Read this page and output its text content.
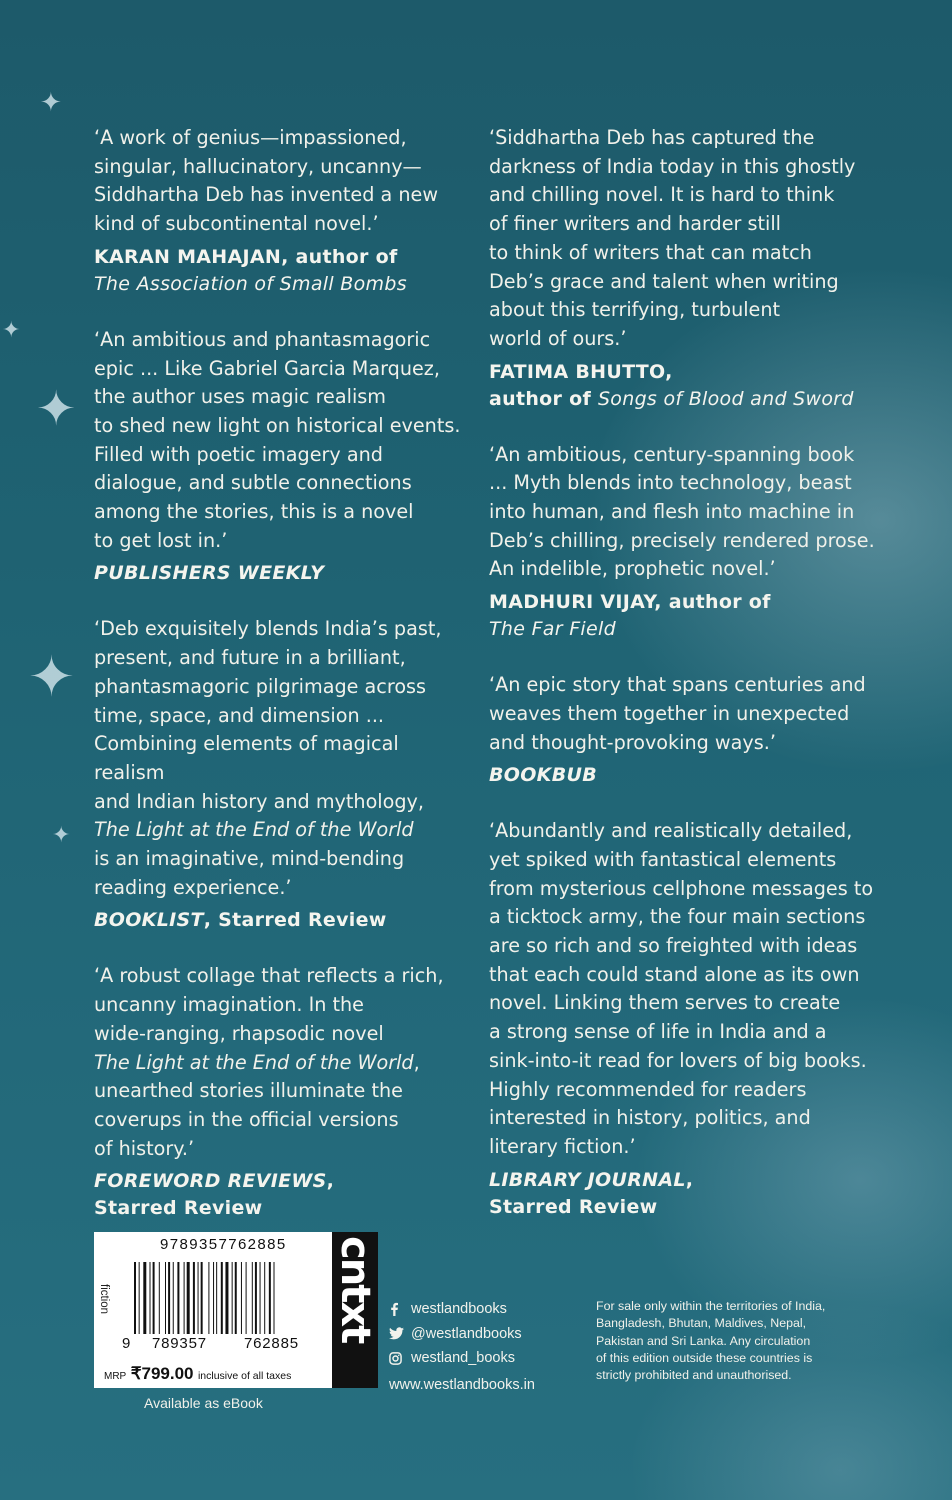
✦
✦
✦
✦
✦

‘A work of genius—impassioned,
singular, hallucinatory, uncanny—
Siddhartha Deb has invented a new
kind of subcontinental novel.’

KARAN MAHAJAN, author of
The Association of Small Bombs

‘An ambitious and phantasmagoric
epic ... Like Gabriel Garcia Marquez,
the author uses magic realism
to shed new light on historical events.
Filled with poetic imagery and
dialogue, and subtle connections
among the stories, this is a novel
to get lost in.’

PUBLISHERS WEEKLY

‘Deb exquisitely blends India’s past,
present, and future in a brilliant,
phantasmagoric pilgrimage across
time, space, and dimension ...
Combining elements of magical realism
and Indian history and mythology,

The Light at the End of the World

is an imaginative, mind-bending
reading experience.’

BOOKLIST, Starred Review

‘A robust collage that reflects a rich,
uncanny imagination. In the
wide-ranging, rhapsodic novel

The Light at the End of the World,

unearthed stories illuminate the
coverups in the official versions
of history.’

FOREWORD REVIEWS,
Starred Review

‘Siddhartha Deb has captured the
darkness of India today in this ghostly
and chilling novel. It is hard to think
of finer writers and harder still
to think of writers that can match
Deb’s grace and talent when writing
about this terrifying, turbulent
world of ours.’

FATIMA BHUTTO,
author of Songs of Blood and Sword

‘An ambitious, century-spanning book
... Myth blends into technology, beast
into human, and flesh into machine in
Deb’s chilling, precisely rendered prose.
An indelible, prophetic novel.’

MADHURI VIJAY, author of
The Far Field

‘An epic story that spans centuries and
weaves them together in unexpected
and thought-provoking ways.’

BOOKBUB

‘Abundantly and realistically detailed,
yet spiked with fantastical elements
from mysterious cellphone messages to
a ticktock army, the four main sections
are so rich and so freighted with ideas
that each could stand alone as its own
novel. Linking them serves to create
a strong sense of life in India and a
sink-into-it read for lovers of big books.
Highly recommended for readers
interested in history, politics, and
literary fiction.’

LIBRARY JOURNAL,
Starred Review

9789357762885
fiction
9	789357	762885
MRP ₹799.00 inclusive of all taxes
cntxt
Available as eBook
westlandbooks
@westlandbooks
westland_books
www.westlandbooks.in
For sale only within the territories of India,
Bangladesh, Bhutan, Maldives, Nepal,
Pakistan and Sri Lanka. Any circulation
of this edition outside these countries is
strictly prohibited and unauthorised.
